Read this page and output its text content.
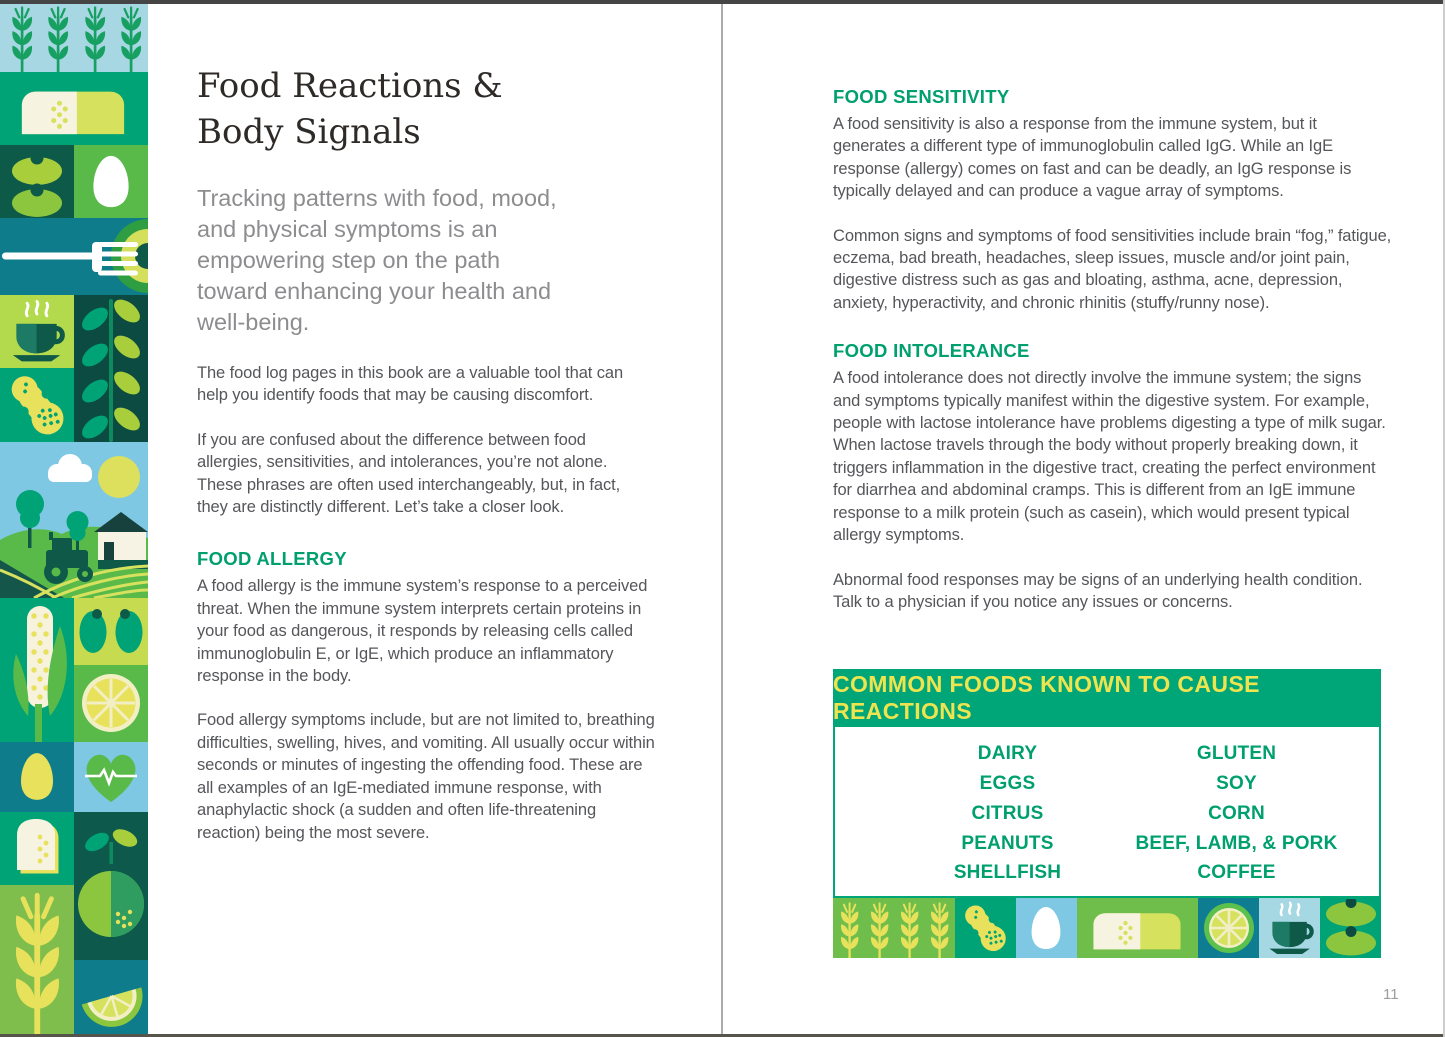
Food Reactions &
Body Signals

Tracking patterns with food, mood, and physical symptoms is an empowering step on the path toward enhancing your health and well-being.

The food log pages in this book are a valuable tool that can help you identify foods that may be causing discomfort.

If you are confused about the difference between food allergies, sensitivities, and intolerances, you’re not alone. These phrases are often used interchangeably, but, in fact, they are distinctly different. Let’s take a closer look.

FOOD ALLERGY

A food allergy is the immune system’s response to a perceived threat. When the immune system interprets certain proteins in your food as dangerous, it responds by releasing cells called immunoglobulin E, or IgE, which produce an inflammatory response in the body.

Food allergy symptoms include, but are not limited to, breathing difficulties, swelling, hives, and vomiting. All usually occur within seconds or minutes of ingesting the offending food. These are all examples of an IgE-mediated immune response, with anaphylactic shock (a sudden and often life-threatening reaction) being the most severe.

FOOD SENSITIVITY

A food sensitivity is also a response from the immune system, but it generates a different type of immunoglobulin called IgG. While an IgE response (allergy) comes on fast and can be deadly, an IgG response is typically delayed and can produce a vague array of symptoms.

Common signs and symptoms of food sensitivities include brain “fog,” fatigue, eczema, bad breath, headaches, sleep issues, muscle and/or joint pain, digestive distress such as gas and bloating, asthma, acne, depression, anxiety, hyperactivity, and chronic rhinitis (stuffy/runny nose).

FOOD INTOLERANCE

A food intolerance does not directly involve the immune system; the signs and symptoms typically manifest within the digestive system. For example, people with lactose intolerance have problems digesting a type of milk sugar. When lactose travels through the body without properly breaking down, it triggers inflammation in the digestive tract, creating the perfect environment for diarrhea and abdominal cramps. This is different from an IgE immune response to a milk protein (such as casein), which would present typical allergy symptoms.

Abnormal food responses may be signs of an underlying health condition. Talk to a physician if you notice any issues or concerns.

COMMON FOODS KNOWN TO CAUSE REACTIONS
DAIRY
EGGS
CITRUS
PEANUTS
SHELLFISH
GLUTEN
SOY
CORN
BEEF, LAMB, & PORK
COFFEE
11
